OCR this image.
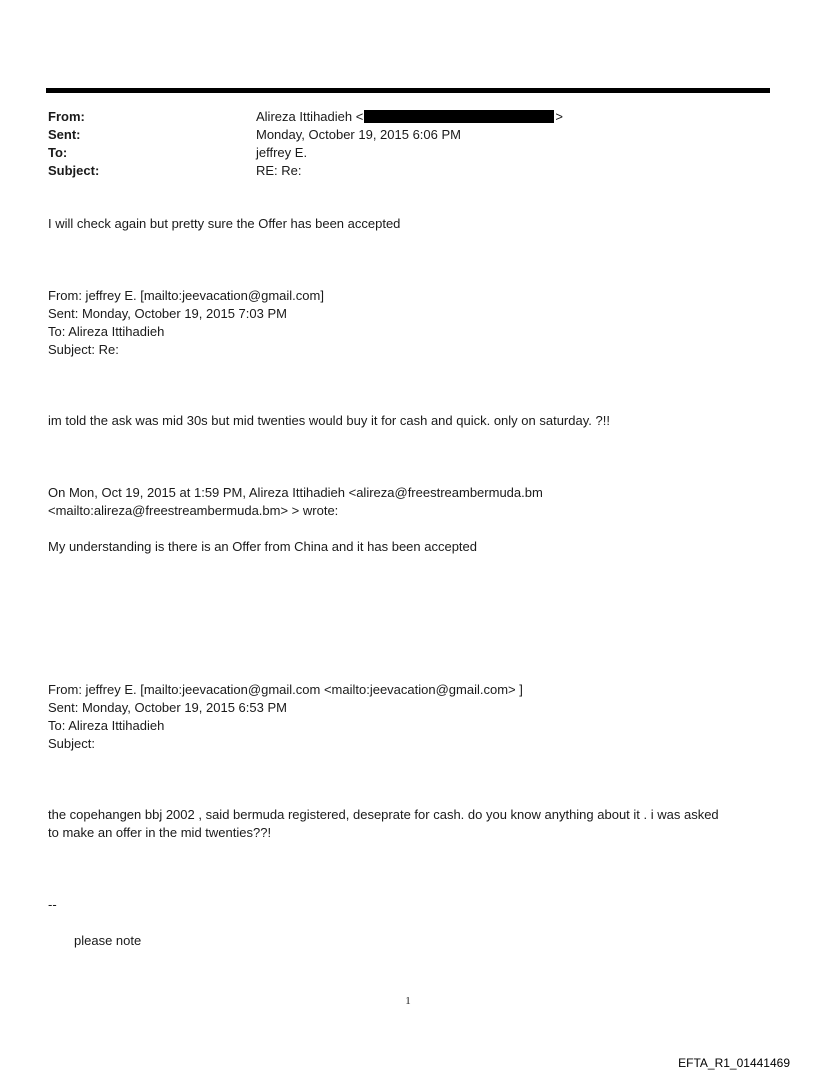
From:	Alireza Ittihadieh <	>
Sent:	Monday, October 19, 2015 6:06 PM
To:	jeffrey E.
Subject:	RE: Re:
I will check again but pretty sure the Offer has been accepted
From: jeffrey E. [mailto:jeevacation@gmail.com]
Sent: Monday, October 19, 2015 7:03 PM
To: Alireza Ittihadieh
Subject: Re:
im told the ask was mid 30s but mid twenties would buy it for cash and quick. only on saturday. ?!!
On Mon, Oct 19, 2015 at 1:59 PM, Alireza Ittihadieh <alireza@freestreambermuda.bm
<mailto:alireza@freestreambermuda.bm> > wrote:
My understanding is there is an Offer from China and it has been accepted
From: jeffrey E. [mailto:jeevacation@gmail.com <mailto:jeevacation@gmail.com> ]
Sent: Monday, October 19, 2015 6:53 PM
To: Alireza Ittihadieh
Subject:
the copehangen bbj 2002 , said bermuda registered, deseprate for cash. do you know anything about it . i was asked
to make an offer in the mid twenties??!
--
please note
1
EFTA_R1_01441469
